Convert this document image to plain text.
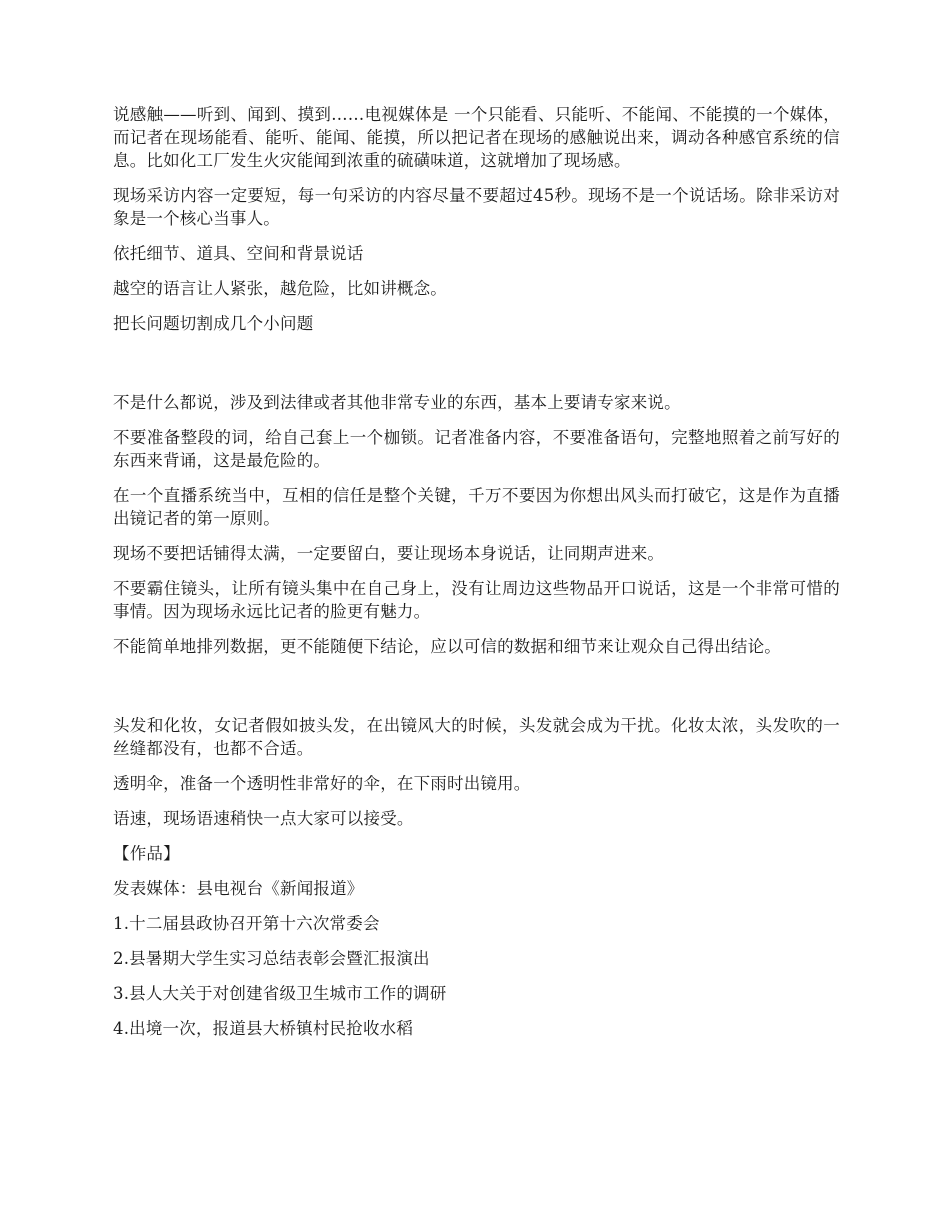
说感触——听到、闻到、摸到……电视媒体是 一个只能看、只能听、不能闻、不能摸的一个媒体，而记者在现场能看、能听、能闻、能摸，所以把记者在现场的感触说出来，调动各种感官系统的信息。比如化工厂发生火灾能闻到浓重的硫磺味道，这就增加了现场感。

现场采访内容一定要短，每一句采访的内容尽量不要超过45秒。现场不是一个说话场。除非采访对象是一个核心当事人。

依托细节、道具、空间和背景说话

越空的语言让人紧张，越危险，比如讲概念。

把长问题切割成几个小问题

不是什么都说，涉及到法律或者其他非常专业的东西，基本上要请专家来说。

不要准备整段的词，给自己套上一个枷锁。记者准备内容，不要准备语句，完整地照着之前写好的东西来背诵，这是最危险的。

在一个直播系统当中，互相的信任是整个关键，千万不要因为你想出风头而打破它，这是作为直播出镜记者的第一原则。

现场不要把话铺得太满，一定要留白，要让现场本身说话，让同期声进来。

不要霸住镜头，让所有镜头集中在自己身上，没有让周边这些物品开口说话，这是一个非常可惜的事情。因为现场永远比记者的脸更有魅力。

不能简单地排列数据，更不能随便下结论，应以可信的数据和细节来让观众自己得出结论。

头发和化妆，女记者假如披头发，在出镜风大的时候，头发就会成为干扰。化妆太浓，头发吹的一丝缝都没有，也都不合适。

透明伞，准备一个透明性非常好的伞，在下雨时出镜用。

语速，现场语速稍快一点大家可以接受。

【作品】

发表媒体：县电视台《新闻报道》

1.十二届县政协召开第十六次常委会

2.县暑期大学生实习总结表彰会暨汇报演出

3.县人大关于对创建省级卫生城市工作的调研

4.出境一次，报道县大桥镇村民抢收水稻
